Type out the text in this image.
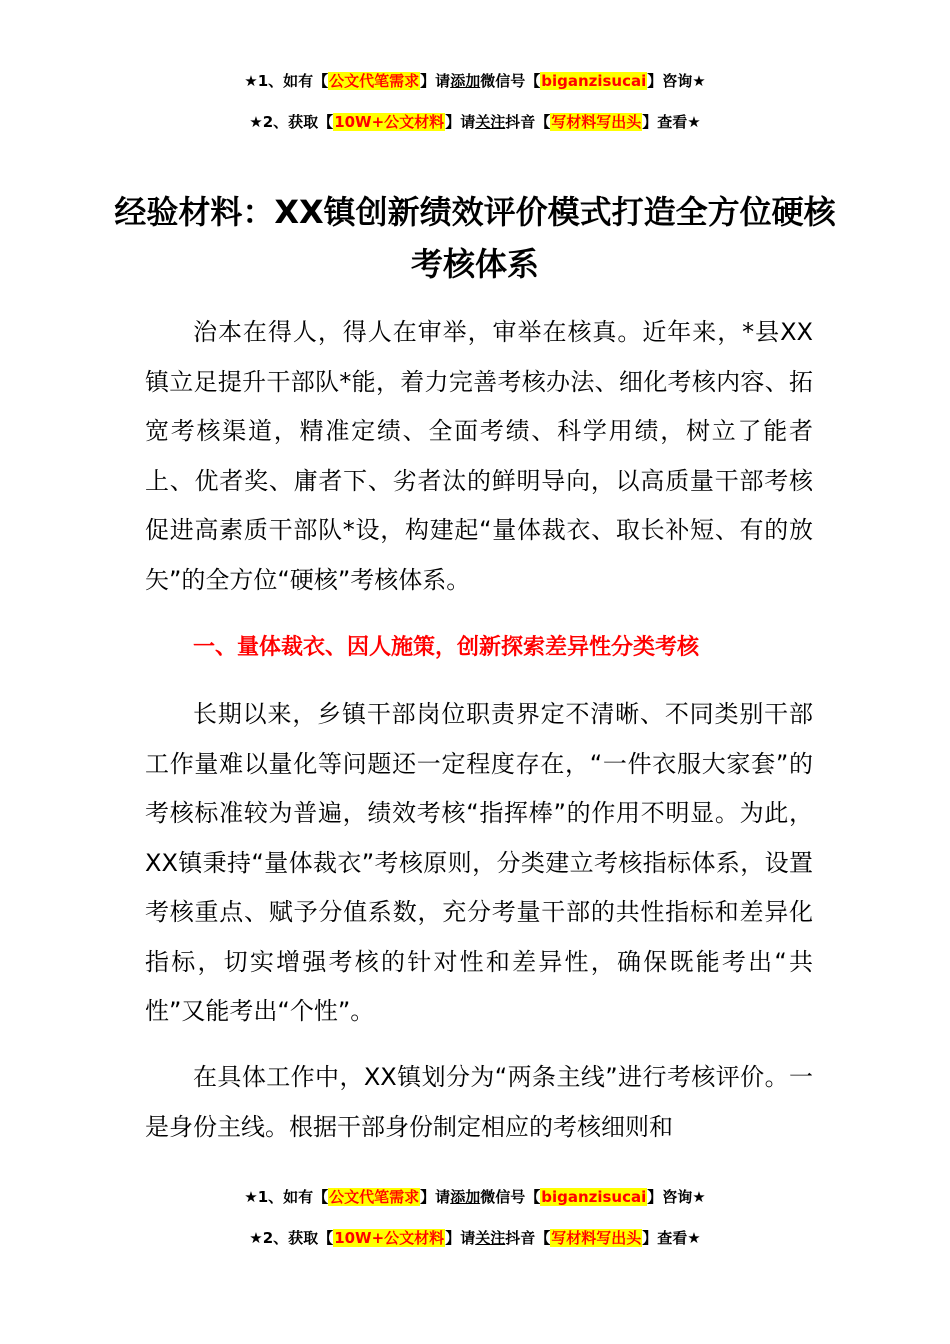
★1、如有【公文代笔需求】请添加微信号【biganzisucai】咨询★
★2、获取【10W+公文材料】请关注抖音【写材料写出头】查看★
经验材料：XX镇创新绩效评价模式打造全方位硬核考核体系

治本在得人，得人在审举，审举在核真。近年来，*县XX镇立足提升干部队*能，着力完善考核办法、细化考核内容、拓宽考核渠道，精准定绩、全面考绩、科学用绩，树立了能者上、优者奖、庸者下、劣者汰的鲜明导向，以高质量干部考核促进高素质干部队*设，构建起“量体裁衣、取长补短、有的放矢”的全方位“硬核”考核体系。

一、量体裁衣、因人施策，创新探索差异性分类考核

长期以来，乡镇干部岗位职责界定不清晰、不同类别干部工作量难以量化等问题还一定程度存在，“一件衣服大家套”的考核标准较为普遍，绩效考核“指挥棒”的作用不明显。为此，XX镇秉持“量体裁衣”考核原则，分类建立考核指标体系，设置考核重点、赋予分值系数，充分考量干部的共性指标和差异化指标，切实增强考核的针对性和差异性，确保既能考出“共性”又能考出“个性”。

在具体工作中，XX镇划分为“两条主线”进行考核评价。一是身份主线。根据干部身份制定相应的考核细则和

★1、如有【公文代笔需求】请添加微信号【biganzisucai】咨询★
★2、获取【10W+公文材料】请关注抖音【写材料写出头】查看★
